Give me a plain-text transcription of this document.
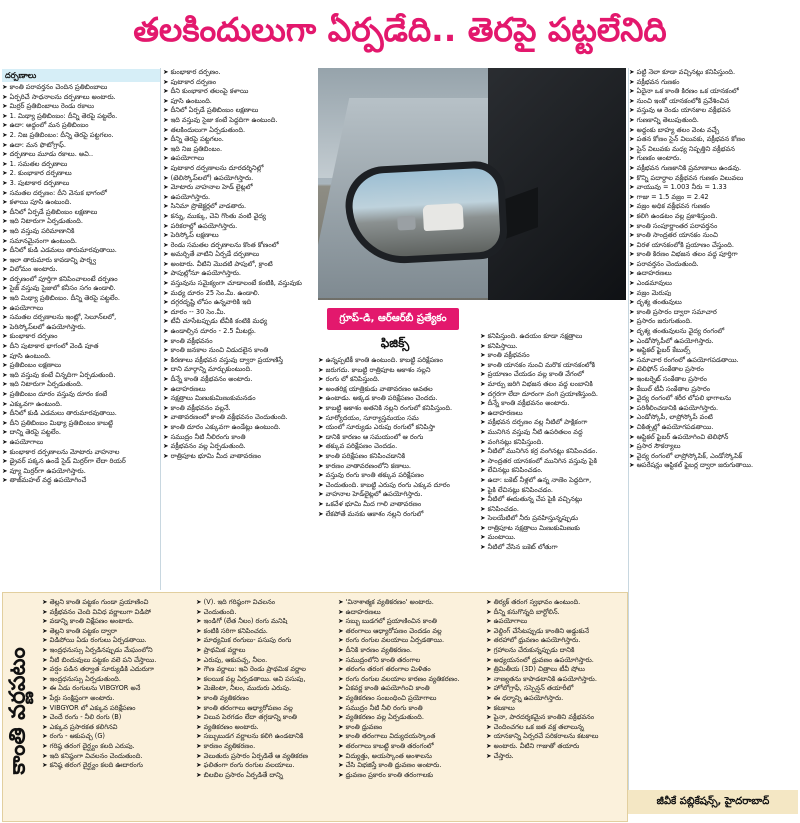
తలకిందులుగా ఏర్పడేది.. తెరపై పట్టలేనిది
దర్పణాలు
➤ కాంతి పరావర్తనం చెందిన ప్రతిబింబాలు
➤ ఏర్పరిచే సాధనాలను దర్పణాలు అంటారు.
➤ మిర్రర్ ప్రతిబింబాలు రెండు రకాలు
➤ 1. మిథ్యా ప్రతిబింబం: దీన్ని తెరపై పట్టలేం.
➤ ఉదా: అద్దంలో మన ప్రతిబింబం
➤ 2. నిజ ప్రతిబింబం: దీన్ని తెరపై పట్టగలం.
➤ ఉదా: మన ఫొటోగ్రాఫ్.
➤ దర్పణాలు మూడు రకాలు. అవి..
➤ 1. సమతల దర్పణాలు
➤ 2. కుంభాకార దర్పణాలు
➤ 3. పుటాకార దర్పణాలు
➤ సమతల దర్పణం: దీని వెనుక భాగంలో
➤ కళాయి పూసి ఉంటుంది.
➤ దీనిలో ఏర్పడే ప్రతిబింబం లక్షణాలు
➤ ఇది నిటారుగా ఏర్పడుతుంది.
➤ ఇది వస్తువు పరిమాణానికి
➤ సమానమైనంగా ఉంటుంది.
➤ దీనిలో కుడి ఎడమలు తారుమారవుతాయి.
➤ ఇలా తారుమారు కావడాన్ని పార్శ్వ
➤ విలోమం అంటారు.
➤ దర్పణంలో పూర్తిగా కనిపించాలంటే దర్పణం
➤ సైజ్ వస్తువు సైజులో కనీసం సగం ఉండాలి.
➤ ఇది మిథ్యా ప్రతిబింబం. దీన్ని తెరపై పట్టలేం.
➤ ఉపయోగాలు
➤ సమతల దర్పణాలను ఇంట్లో, సెలూన్‌లలో,
➤ పెరిస్కోప్‌లలో ఉపయోగిస్తారు.
➤ కుంభాకార దర్పణం
➤ దీని పుటాకార భాగంలో వెండి పూత
➤ పూసి ఉంటుంది.
➤ ప్రతిబింబం లక్షణాలు
➤ ఇది వస్తువు కంటే చిన్నదిగా ఏర్పడుతుంది.
➤ ఇది నిటారుగా ఏర్పడుతుంది.
➤ ప్రతిబింబం దూరం వస్తువు దూరం కంటే
➤ ఎక్కువగా ఉంటుంది.
➤ దీనిలో కుడి ఎడమలు తారుమారవుతాయి.
➤ దీని ప్రతిబింబం మిథ్యా ప్రతిబింబం కాబట్టి
➤ దాన్ని తెరపై పట్టలేం.
➤ ఉపయోగాలు
➤ కుంభాకార దర్పణాలను మోటారు వాహనాల
➤ డ్రైవర్ పక్కన ఉండే సైడ్ మిర్రర్‌గా లేదా రియర్
➤ వ్యూ మిర్రర్‌గా ఉపయోగిస్తారు.
➤ తాజ్‌మహల్ వద్ద ఉపయోగించే
➤ కుంభాకార దర్పణం.
➤ పుటాకార దర్పణం
➤ దీని కుంభాకార తలంపై కళాయి
➤ పూసి ఉంటుంది.
➤ దీనిలో ఏర్పడే ప్రతిబింబం లక్షణాలు
➤ ఇది వస్తువు సైజు కంటే పెద్దదిగా ఉంటుంది.
➤ తలకిందులుగా ఏర్పడుతుంది.
➤ దీన్ని తెరపై పట్టగలం.
➤ ఇది నిజ ప్రతిబింబం.
➤ ఉపయోగాలు
➤ పుటాకార దర్పణాలను దూరదర్శినిల్లో
➤ (టెలిస్కోప్‌లలో) ఉపయోగిస్తారు.
➤ మోటారు వాహనాల హెడ్ లైట్లలో
➤ ఉపయోగిస్తారు.
➤ సినిమా ప్రొజెక్టర్లలో వాడతారు.
➤ కన్ను, ముక్కు, చెవి గొంతు వంటి వైద్య
➤ పరికరాల్లో ఉపయోగిస్తారు.
➤ పెరిస్కోప్ లక్షణాలు
➤ రెండు సమతల దర్పణాలను కొంత కోణంలో
➤ అమర్చితే వాటిని ఏర్పడే దర్పణాలు
➤ అంటారు. వీటిని మొదటి పాపులో, క్రాంటి
➤ పాపుల్లోనూ ఉపయోగిస్తారు.
➤ వస్తువును సమైక్యంగా చూడాలంటే కంటికి, వస్తువుకు
➤ మధ్య దూరం 25 సెం.మీ. ఉండాలి.
➤ దగ్గరదృష్టి లోపం ఉన్నవారికి ఇది
➤ దూరం -- 30 సెం.మీ.
➤ టీవీ చూసేటప్పుడు టీవీకి కంటికి మధ్య
➤ ఉండాల్సిన దూరం - 2.5 మీటర్లు.
➤ కాంతి వక్రీభవనం
➤ కాంతి జనకాల నుంచి విడుదలైన కాంతి
➤ కిరణాలు వక్రీభవన వస్తువు ద్వారా ప్రయాణిస్తే
➤ దాని మార్గాన్ని మార్చుకుంటుంది.
➤ దీన్నే కాంతి వక్రీభవనం అంటారు.
➤ ఉదాహరణలు
➤ నక్షత్రాలు మిణుకుమిణుకుమనడం
➤ కాంతి వక్రీభవనం వల్లనే.
➤ వాతావరణంలో కాంతి వక్రీభవనం చెందుతుంది.
➤ కాంతి దూరం ఎక్కువగా ఉండేట్లు ఉంటుంది.
➤ సముద్రం నీటి నీలిరంగు కాంతి
➤ వక్రీభవనం వల్ల ఏర్పడుతుంది.
➤ రాత్రిపూట భూమి మీద వాతావరణం
గ్రూప్-డి, ఆర్‌ఆర్‌బీ ప్రత్యేకం
ఫిజిక్స్
➤ ఉన్నప్పటికీ కాంతి ఉంటుంది. కాబట్టి పరిక్షేపణం
➤ జరుగదు. కాబట్టి రాత్రిపూట ఆకాశం నల్లని
➤ రంగు లో కనిపిస్తుంది.
➤ అంతరిక్ష యాత్రికుడు వాతావరణం అవతల
➤ ఉంటాడు. అక్కడ కాంతి పరిక్షేపణం చెందదు.
➤ కాబట్టి ఆకాశం అతనికి నల్లని రంగులో కనిపిస్తుంది.
➤ సూర్యోదయం, సూర్యాస్తమయం సమ
➤ యంలో సూర్యుడు ఎరుపు రంగులో కనిపిస్తా
➤ డానికి కారణం ఆ సమయంలో ఆ రంగు
➤ తక్కువ పరిక్షేపణం చెందడం.
➤ కాంతి పరిక్షేపణం కనిపించడానికి
➤ కారణం వాతావరణంలోని కణాలు.
➤ వస్తువు రంగు కాంతి తక్కువ పరిక్షేపణం
➤ చెందుతుంది. కాబట్టి ఎరుపు రంగు ఎక్కువ దూరం
➤ వాహనాల హెడ్‌లైట్లలో ఉపయోగిస్తారు.
➤ ఒకవేళ భూమి మీద గాలి వాతావరణం
➤ లేకపోతే మనకు ఆకాశం నల్లని రంగులో
➤ కనిపిస్తుంది. ఉదయం కూడా నక్షత్రాలు
➤ కనిపిస్తాయి.
➤ కాంతి వక్రీభవనం
➤ కాంతి యానకం నుంచి మరొక యానకంలోకి
➤ ప్రయాణం చేయడం వల్ల కాంతి వేగంలో
➤ మార్పు జరిగి విభజన తలం వద్ద లంబానికి
➤ దగ్గరగా లేదా దూరంగా వంగి ప్రయాణిస్తుంది.
➤ దీన్నే కాంతి వక్రీభవనం అంటారు.
➤ ఉదాహరణలు
➤ వక్రీభవన దర్పణం వల్ల నీటిలో పాక్షికంగా
➤ మునిగిన వస్తువు నీటి ఉపరితలం వద్ద
➤ వంగినట్లు కనిపిస్తుంది.
➤ నీటిలో మునిగిన కర్ర వంగినట్లు కనిపించడం.
➤ సాంద్రతర యానకంలో మునిగిన వస్తువు పైకి
➤ లేచినట్లు కనిపించడం.
➤ ఉదా: బకెట్ నీళ్లలో ఉన్న నాణెం పెద్దదిగా,
➤ పైకి లేచినట్లు కనిపించడం.
➤ నీటిలో ఈదుతున్న చేప పైకి వచ్చినట్లు
➤ కనిపించడం.
➤ సెలయేటిలో నీరు ప్రవహిస్తున్నప్పుడు
➤ రాత్రిపూట నక్షత్రాలు మిణుకుమిణుకు
➤ మంటాయి.
➤ నీటిలో వేసిన బకెట్ లోతుగా
➤ పట్టి నెలా కూడా వచ్చినట్లు కనిపిస్తుంది.
➤ వక్రీభవన గుణకం
➤ ఏదైనా ఒక కాంతి కిరణం ఒక యానకంలో
➤ నుంచి ఇంకో యానకంలోకి ప్రవేశించిన
➤ వస్తువు ఆ రెండు యానకాల వక్రీభవన
➤ గుణకాన్ని తెలుపుతుంది.
➤ అద్దంకు బాహ్య తలం వెంట వచ్చే
➤ పతన కోణం సైన్ విలువకు, వక్రీభవన కోణం
➤ సైన్ విలువకు మధ్య నిష్పత్తిని వక్రీభవన
➤ గుణకం అంటారు.
➤ వక్రీభవన గుణకానికి ప్రమాణాలు ఉండవు.
➤ కొన్ని పదార్థాల వక్రీభవన గుణకం విలువలు
➤ వాయువు = 1.003 నీరు = 1.33
➤ గాజు = 1.5 వజ్రం = 2.42
➤ వజ్రం అధిక వక్రీభవన గుణకం
➤ కలిగి ఉండటం వల్ల ప్రకాశిస్తుంది.
➤ కాంతి సంపూర్ణాంతర పరావర్తనం
➤ కాంతి సాంద్రతర యానకం నుంచి
➤ విరళ యానకంలోకి ప్రయాణం చేస్తుంది.
➤ కాంతి కిరణం విభజన తలం వద్ద పూర్తిగా
➤ పరావర్తనం చెందుతుంది.
➤ ఉదాహరణలు
➤ ఎండమావులు
➤ వజ్రం మెరుపు
➤ దృశ్య తంతువులు
➤ కాంతి ప్రసారం ద్వారా సమాచార
➤ ప్రసారం జరుగుతుంది.
➤ దృశ్య తంతువులను వైద్య రంగంలో
➤ ఎండోస్కోపీలో ఉపయోగిస్తారు.
➤ ఆప్టికల్ ఫైబర్ కేబుల్స్
➤ సమాచార రంగంలో ఉపయోగపడతాయి.
➤ టెలిఫోన్ సంకేతాల ప్రసారం
➤ ఇంటర్నెట్ సంకేతాల ప్రసారం
➤ కేబుల్ టీవీ సంకేతాల ప్రసారం
➤ వైద్య రంగంలో శరీర లోపలి భాగాలను
➤ పరిశీలించడానికి ఉపయోగిస్తారు.
➤ ఎండోస్కోపీ, లాప్రోస్కోపీ వంటి
➤ చికిత్సల్లో ఉపయోగపడతాయి.
➤ ఆప్టికల్ ఫైబర్ ఉపయోగించి టెలిఫోన్
➤ ప్రసార సౌకర్యాలు
➤ వైద్య రంగంలో లాప్రోస్కోపిక్, ఎండోస్కోపిక్
➤ ఆపరేషన్లు ఆప్టికల్ ఫైబర్ల ద్వారా జరుగుతాయి.
కాంతి వర్ణపటం
➤ తెల్లని కాంతి పట్టకం గుండా ప్రయాణించి
➤ వక్రీభవనం చెంది వివిధ వర్ణాలుగా విడిపో
➤ వడాన్ని కాంతి విక్షేపణం అంటారు.
➤ తెల్లని కాంతి పట్టకం ద్వారా
➤ విడిపోయి ఏడు రంగులు ఏర్పడతాయి.
➤ ఇంద్రధనుస్సు ఏర్పడినప్పుడు మేఘంలోని
➤ నీటి బిందువులు పట్టకం వలె పని చేస్తాయి.
➤ వర్షం పడిన తర్వాత సూర్యుడికి ఎదురుగా
➤ ఇంద్రధనుస్సు ఏర్పడుతుంది.
➤ ఈ ఏడు రంగులను VIBGYOR అనే
➤ పేర్లు సంక్షిప్తంగా అంటారు.
➤ VIBGYOR లో ఎక్కువ పరిక్షేపణం
➤ చెందే రంగు - నీలి రంగు (B)
➤ ఎక్కువ ప్రసారకత కలిగినవి
➤ రంగు - ఆకుపచ్చ (G)
➤ గరిష్ఠ తరంగ దైర్ఘ్యం కలది ఎరుపు.
➤ ఇది కనిష్ఠంగా విచలనం చెందుతుంది.
➤ కనిష్ఠ తరంగ దైర్ఘ్యం కలది ఊదారంగు
➤ (V). ఇది గరిష్ఠంగా విచలనం
➤ చెందుతుంది.
➤ ఇండిగో (లేత నీలం) రంగు మనిషి
➤ కంటికి సరిగా కనిపించదు.
➤ మాధ్యమిక రంగులు- పసుపు రంగు
➤ ప్రాథమిక వర్ణాలు
➤ ఎరుపు, ఆకుపచ్చ, నీలం.
➤ గౌణ వర్ణాలు: ఇవి రెండు ప్రాథమిక వర్ణాల
➤ కలయిక వల్ల ఏర్పడతాయి. అవి పసుపు,
➤ మెజెంటా, నీలం, ముదురు ఎరుపు.
➤ కాంతి వ్యతికరణం
➤ కాంతి తరంగాలు ఆధ్యారోపణం వల్ల
➤ విలువ పెరగడం లేదా తగ్గడాన్ని కాంతి
➤ వ్యతికరణం అంటారు.
➤ సబ్బుబుడగ వర్ణాలను కలిగి ఉండటానికి
➤ కారణం వ్యతికరణం.
➤ వెలుతురు ప్రసారం ఏర్పడితే ఆ వ్యతికరణ
➤ ఫలితంగా రంగు రంగుల వలయాలు.
➤ బిలబిల ప్రసారం ఏర్పడితే దాన్ని
➤ 'వినాశాత్మక వ్యతికరణం' అంటారు.
➤ ఉదాహరణలు
➤ సబ్బు బుడగలో ప్రయాణించిన కాంతి
➤ తరంగాలు ఆధ్యారోపణం చెందడం వల్ల
➤ రంగు రంగుల వలయాలు ఏర్పడతాయి.
➤ దీనికి కారణం వ్యతికరణం.
➤ సముద్రంలోని కాంతి తరంగాల
➤ తరంగం తరంగ తరంగాల మిళితం
➤ రంగు రంగుల వలయాల కారణం వ్యతికరణం.
➤ ఏకవర్ణ కాంతి ఉపయోగించి కాంతి
➤ వ్యతికరణం సంబంధించి ప్రయోగాలు
➤ సముద్రం నీటి నీలి రంగు కాంతి
➤ వ్యతికరణం వల్ల ఏర్పడుతుంది.
➤ కాంతి ధ్రువణం
➤ కాంతి తరంగాలు విద్యుదయస్కాంత
➤ తరంగాలు కాబట్టి కాంతి తరంగంలో
➤ విద్యుత్తు, అయస్కాంత అంశాలను
➤ చేసి విభజిస్తే కాంతి ధ్రువణం అంటారు.
➤ ధ్రువణం ప్రకారం కాంతి తరంగాలకు
➤ తిర్యక్ తరంగ స్వభావం ఉంటుంది.
➤ దీన్ని కనుగొన్నది బార్టోలిన్.
➤ ఉపయోగాలు
➤ వెల్డింగ్ చేసేటప్పుడు కాంతిని అడ్డుకునే
➤ తరహాలో ధ్రువణం ఉపయోగిస్తారు.
➤ గ్రహాలను చేరుకున్నప్పుడు దానికి
➤ అధ్యయనంలో ధ్రువణం ఉపయోగిస్తారు.
➤ త్రిమితీయ (3D) చిత్రాలు టీవీ షోలు
➤ నాణ్యతను కాపాడటానికి ఉపయోగిస్తారు.
➤ హోలోగ్రాఫీ, సస్పెన్షన్ తయారీలో
➤ ఈ ధర్మాన్ని ఉపయోగిస్తారు.
➤ కటకాలు
➤ పైనా, పారదర్శకమైన కాంతిని వక్రీభవనం
➤ చెందించగల ఒక జత వక్ర తలాలున్న
➤ యానకాన్ని ఏర్పరచే పరికరాలను కటకాలు
➤ అంటారు. వీటిని గాజుతో తయారు
➤ చేస్తారు.
జీవీకే పబ్లికేషన్స్, హైదరాబాద్
